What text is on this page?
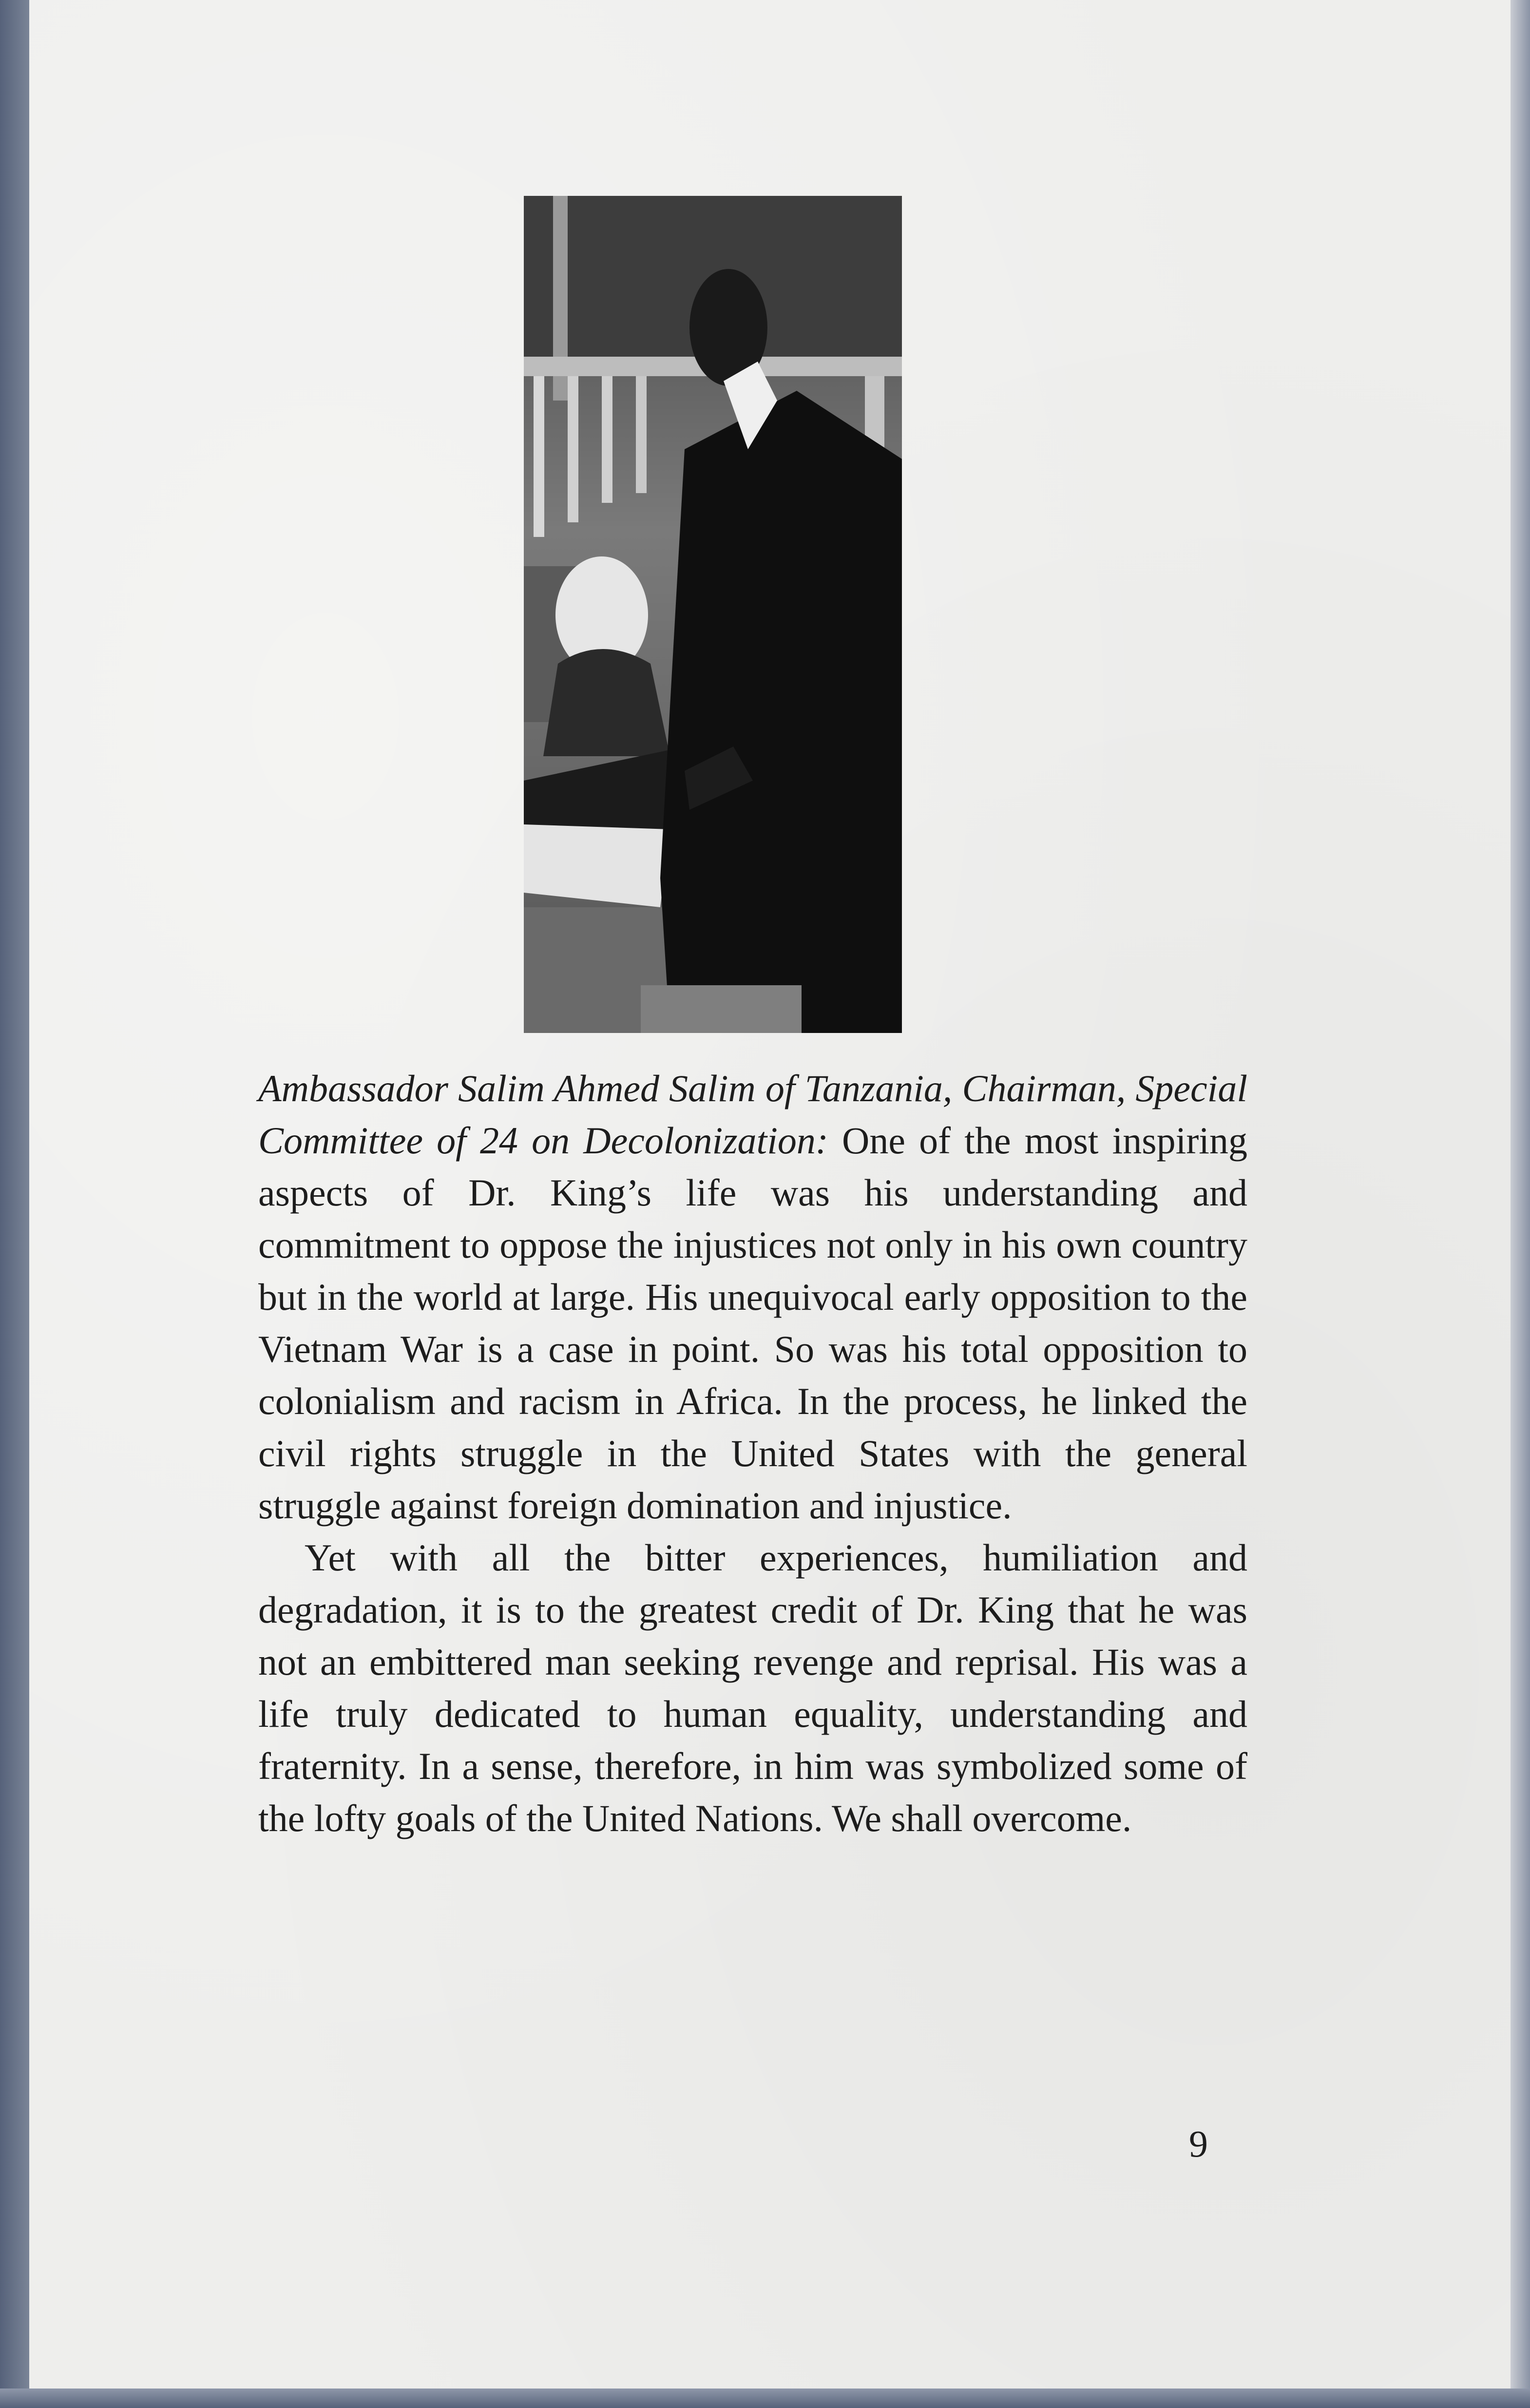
Ambassador Salim Ahmed Salim of Tanzania, Chairman, Special Committee of 24 on Decolonization: One of the most inspiring aspects of Dr. King’s life was his understanding and commitment to oppose the injustices not only in his own country but in the world at large. His unequivocal early opposition to the Vietnam War is a case in point. So was his total opposition to colonialism and racism in Africa. In the process, he linked the civil rights struggle in the United States with the general struggle against foreign domination and injustice.

Yet with all the bitter experiences, humiliation and degradation, it is to the greatest credit of Dr. King that he was not an embittered man seeking revenge and reprisal. His was a life truly dedicated to human equality, understanding and fraternity. In a sense, therefore, in him was symbolized some of the lofty goals of the United Nations. We shall overcome.

9
